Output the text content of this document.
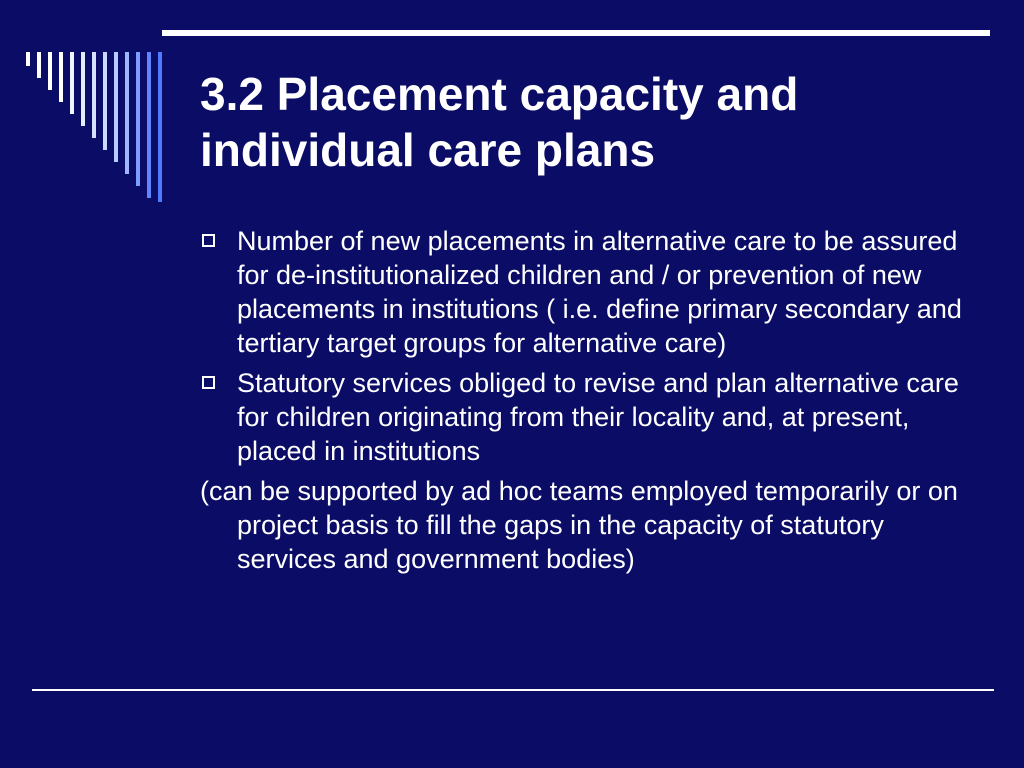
3.2 Placement capacity and
individual care plans
Number of new placements in alternative care to be assured for de-institutionalized children and / or prevention of new placements in institutions ( i.e. define primary secondary and tertiary target groups for alternative care)
Statutory services obliged to revise and plan alternative care for children originating from their locality and, at present, placed in institutions
(can be supported by ad hoc teams employed temporarily or on project basis to fill the gaps in the capacity of statutory services and government bodies)
